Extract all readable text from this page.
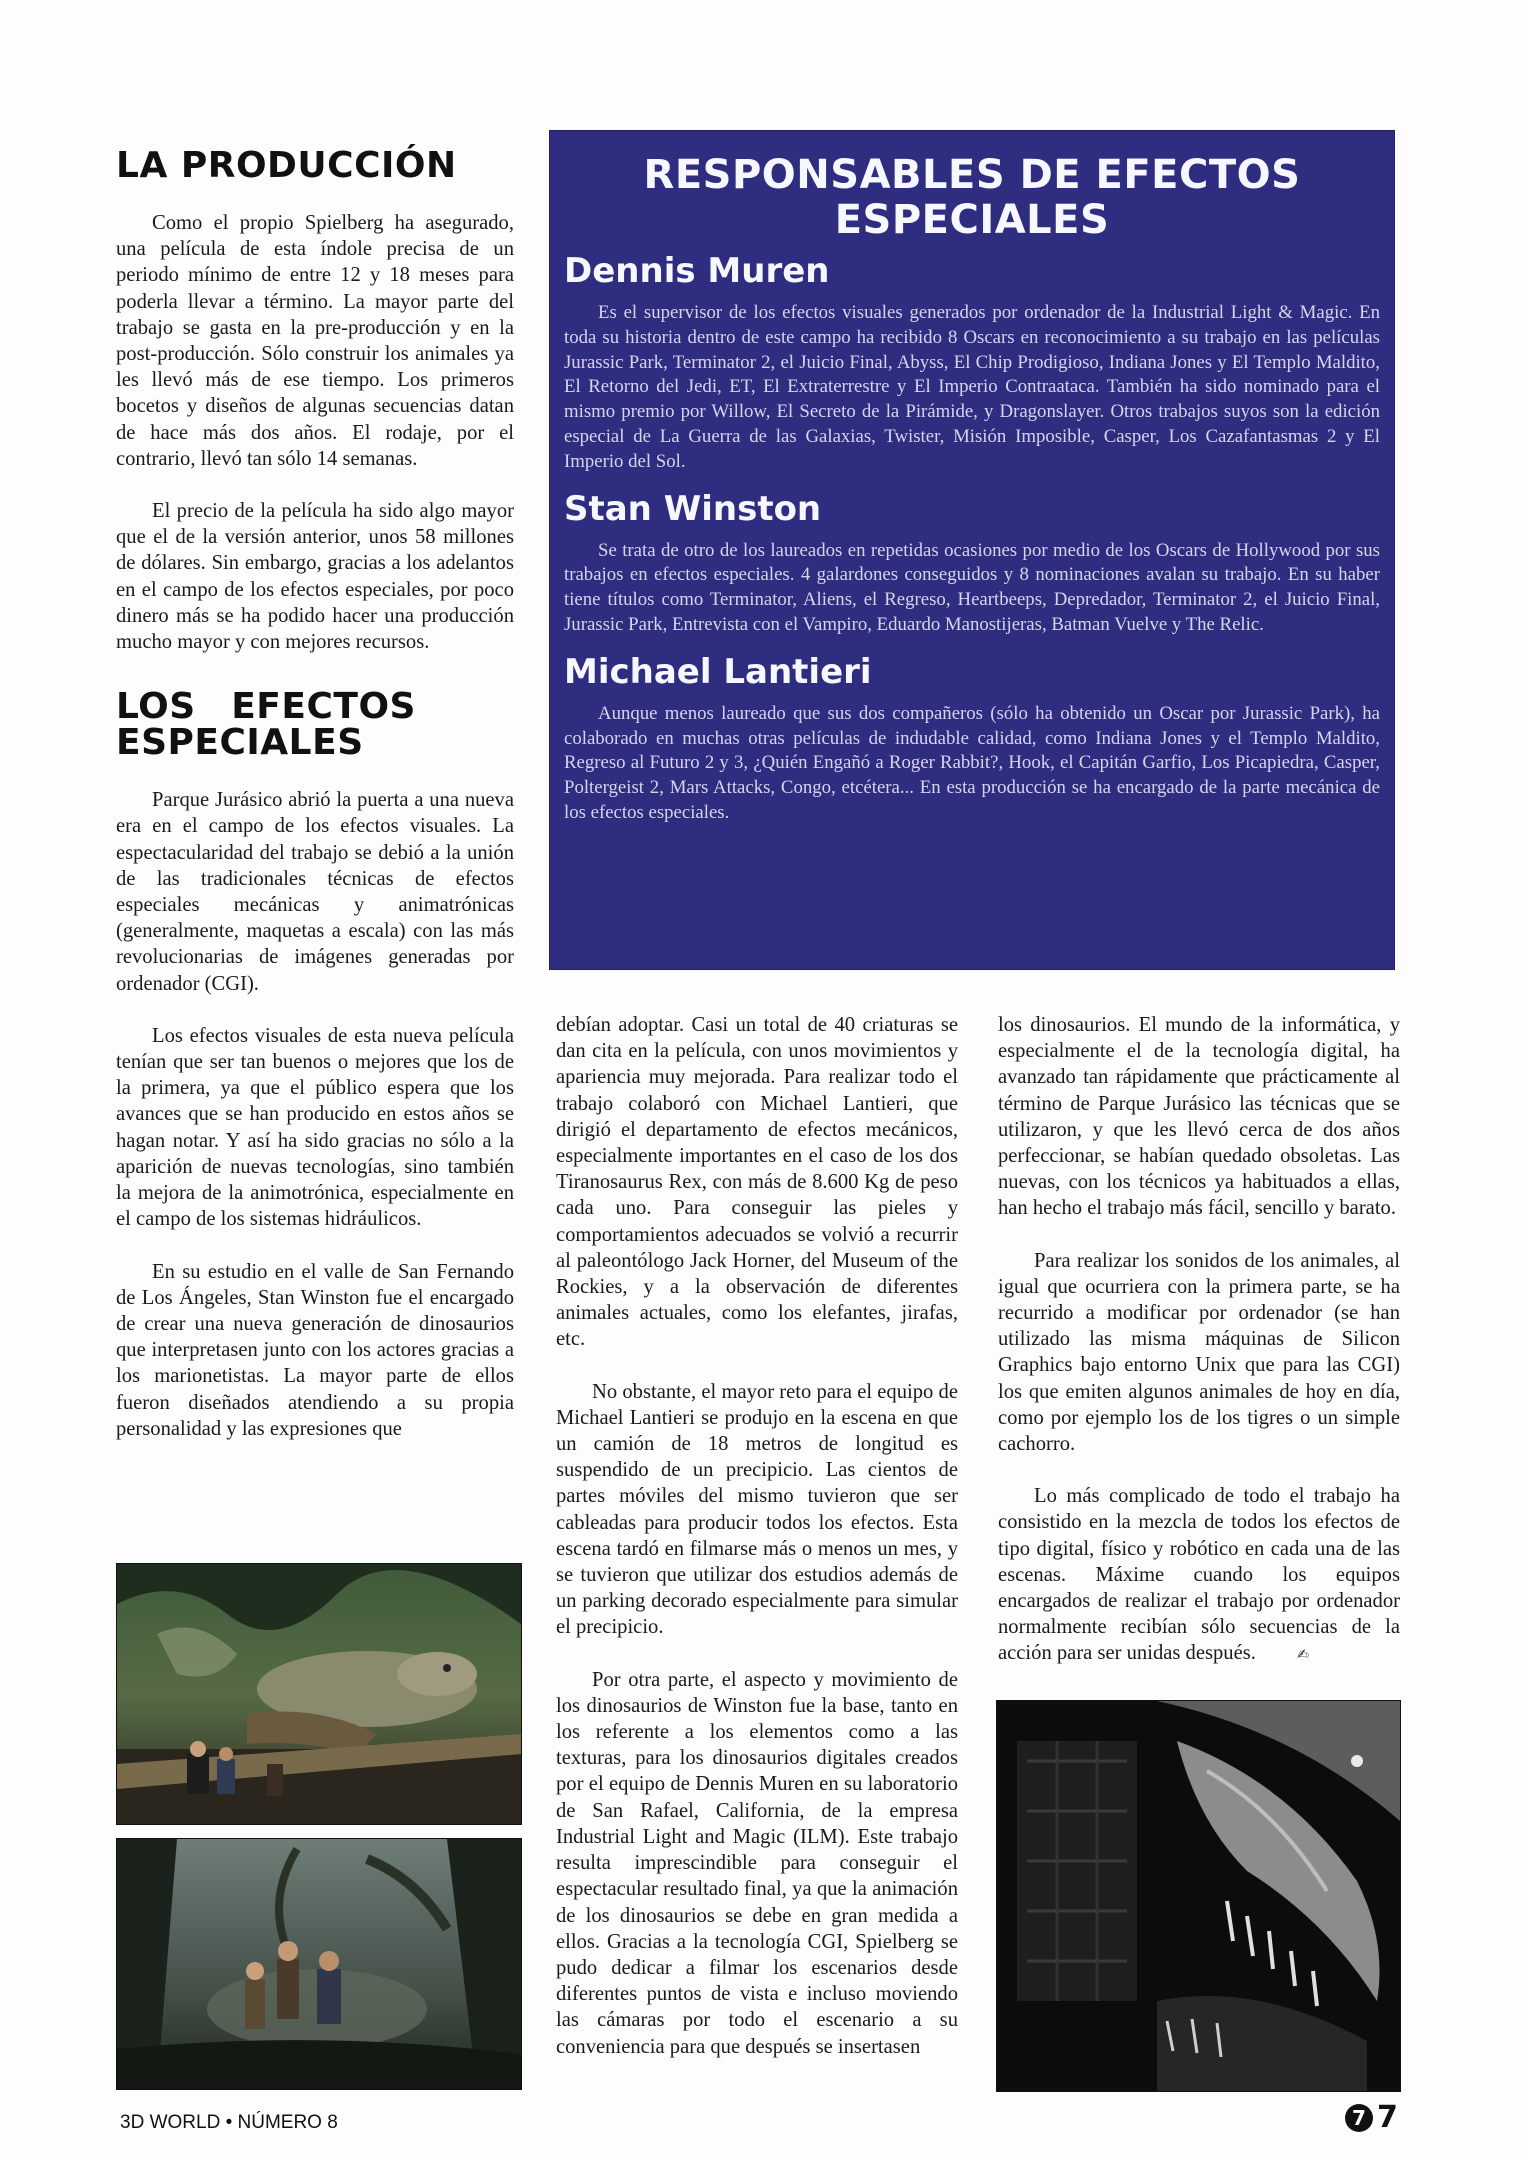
LA PRODUCCIÓN

Como el propio Spielberg ha asegurado, una película de esta índole precisa de un periodo mínimo de entre 12 y 18 meses para poderla llevar a término. La mayor parte del trabajo se gasta en la pre-producción y en la post-producción. Sólo construir los animales ya les llevó más de ese tiempo. Los primeros bocetos y diseños de algunas secuencias datan de hace más dos años. El rodaje, por el contrario, llevó tan sólo 14 semanas.

El precio de la película ha sido algo mayor que el de la versión anterior, unos 58 millones de dólares. Sin embargo, gracias a los adelantos en el campo de los efectos especiales, por poco dinero más se ha podido hacer una producción mucho mayor y con mejores recursos.

LOS EFECTOS ESPECIALES

Parque Jurásico abrió la puerta a una nueva era en el campo de los efectos visuales. La espectacularidad del trabajo se debió a la unión de las tradicionales técnicas de efectos especiales mecánicas y animatrónicas (generalmente, maquetas a escala) con las más revolucionarias de imágenes generadas por ordenador (CGI).

Los efectos visuales de esta nueva película tenían que ser tan buenos o mejores que los de la primera, ya que el público espera que los avances que se han producido en estos años se hagan notar. Y así ha sido gracias no sólo a la aparición de nuevas tecnologías, sino también la mejora de la animotrónica, especialmente en el campo de los sistemas hidráulicos.

En su estudio en el valle de San Fernando de Los Ángeles, Stan Winston fue el encargado de crear una nueva generación de dinosaurios que interpretasen junto con los actores gracias a los marionetistas. La mayor parte de ellos fueron diseñados atendiendo a su propia personalidad y las expresiones que

RESPONSABLES DE EFECTOS ESPECIALES
Dennis Muren
Es el supervisor de los efectos visuales generados por ordenador de la Industrial Light & Magic. En toda su historia dentro de este campo ha recibido 8 Oscars en reconocimiento a su trabajo en las películas Jurassic Park, Terminator 2, el Juicio Final, Abyss, El Chip Prodigioso, Indiana Jones y El Templo Maldito, El Retorno del Jedi, ET, El Extraterrestre y El Imperio Contraataca. También ha sido nominado para el mismo premio por Willow, El Secreto de la Pirámide, y Dragonslayer. Otros trabajos suyos son la edición especial de La Guerra de las Galaxias, Twister, Misión Imposible, Casper, Los Cazafantasmas 2 y El Imperio del Sol.
Stan Winston
Se trata de otro de los laureados en repetidas ocasiones por medio de los Oscars de Hollywood por sus trabajos en efectos especiales. 4 galardones conseguidos y 8 nominaciones avalan su trabajo. En su haber tiene títulos como Terminator, Aliens, el Regreso, Heartbeeps, Depredador, Terminator 2, el Juicio Final, Jurassic Park, Entrevista con el Vampiro, Eduardo Manostijeras, Batman Vuelve y The Relic.
Michael Lantieri
Aunque menos laureado que sus dos compañeros (sólo ha obtenido un Oscar por Jurassic Park), ha colaborado en muchas otras películas de indudable calidad, como Indiana Jones y el Templo Maldito, Regreso al Futuro 2 y 3, ¿Quién Engañó a Roger Rabbit?, Hook, el Capitán Garfio, Los Picapiedra, Casper, Poltergeist 2, Mars Attacks, Congo, etcétera... En esta producción se ha encargado de la parte mecánica de los efectos especiales.

debían adoptar. Casi un total de 40 criaturas se dan cita en la película, con unos movimientos y apariencia muy mejorada. Para realizar todo el trabajo colaboró con Michael Lantieri, que dirigió el departamento de efectos mecánicos, especialmente importantes en el caso de los dos Tiranosaurus Rex, con más de 8.600 Kg de peso cada uno. Para conseguir las pieles y comportamientos adecuados se volvió a recurrir al paleontólogo Jack Horner, del Museum of the Rockies, y a la observación de diferentes animales actuales, como los elefantes, jirafas, etc.

No obstante, el mayor reto para el equipo de Michael Lantieri se produjo en la escena en que un camión de 18 metros de longitud es suspendido de un precipicio. Las cientos de partes móviles del mismo tuvieron que ser cableadas para producir todos los efectos. Esta escena tardó en filmarse más o menos un mes, y se tuvieron que utilizar dos estudios además de un parking decorado especialmente para simular el precipicio.

Por otra parte, el aspecto y movimiento de los dinosaurios de Winston fue la base, tanto en los referente a los elementos como a las texturas, para los dinosaurios digitales creados por el equipo de Dennis Muren en su laboratorio de San Rafael, California, de la empresa Industrial Light and Magic (ILM). Este trabajo resulta imprescindible para conseguir el espectacular resultado final, ya que la animación de los dinosaurios se debe en gran medida a ellos. Gracias a la tecnología CGI, Spielberg se pudo dedicar a filmar los escenarios desde diferentes puntos de vista e incluso moviendo las cámaras por todo el escenario a su conveniencia para que después se insertasen

los dinosaurios. El mundo de la informática, y especialmente el de la tecnología digital, ha avanzado tan rápidamente que prácticamente al término de Parque Jurásico las técnicas que se utilizaron, y que les llevó cerca de dos años perfeccionar, se habían quedado obsoletas. Las nuevas, con los técnicos ya habituados a ellas, han hecho el trabajo más fácil, sencillo y barato.

Para realizar los sonidos de los animales, al igual que ocurriera con la primera parte, se ha recurrido a modificar por ordenador (se han utilizado las misma máquinas de Silicon Graphics bajo entorno Unix que para las CGI) los que emiten algunos animales de hoy en día, como por ejemplo los de los tigres o un simple cachorro.

Lo más complicado de todo el trabajo ha consistido en la mezcla de todos los efectos de tipo digital, físico y robótico en cada una de las escenas. Máxime cuando los equipos encargados de realizar el trabajo por ordenador normalmente recibían sólo secuencias de la acción para ser unidas después.	✍

3D WORLD • NÚMERO 8	7 7
